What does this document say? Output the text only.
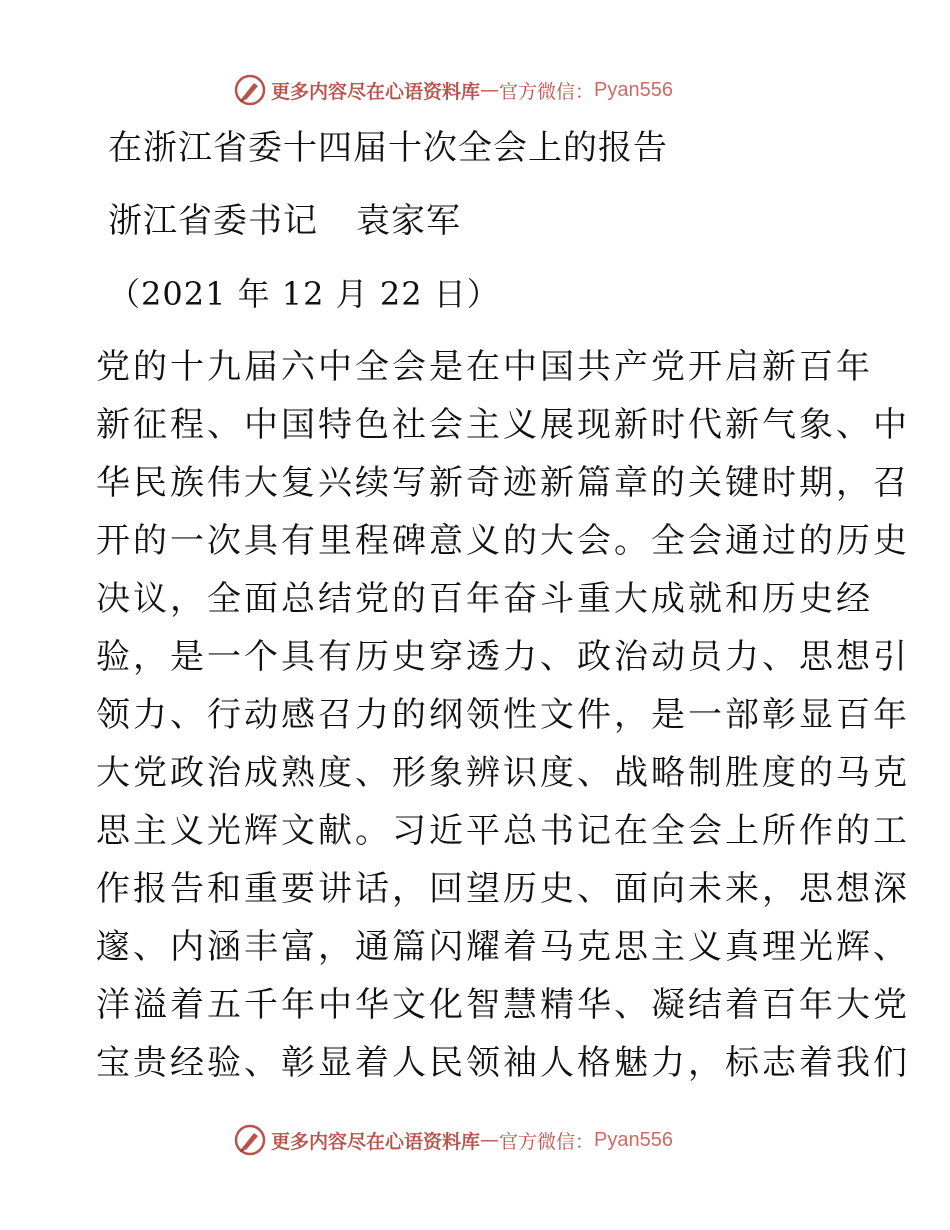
更多内容尽在心语资料库 — 官方微信： Pyan556
在浙江省委十四届十次全会上的报告
浙江省委书记 袁家军
（2021 年 12 月 22 日）
党的十九届六中全会是在中国共产党开启新百年
新征程、中国特色社会主义展现新时代新气象、中
华民族伟大复兴续写新奇迹新篇章的关键时期，召
开的一次具有里程碑意义的大会。全会通过的历史
决议，全面总结党的百年奋斗重大成就和历史经
验，是一个具有历史穿透力、政治动员力、思想引
领力、行动感召力的纲领性文件，是一部彰显百年
大党政治成熟度、形象辨识度、战略制胜度的马克
思主义光辉文献。习近平总书记在全会上所作的工
作报告和重要讲话，回望历史、面向未来，思想深
邃、内涵丰富，通篇闪耀着马克思主义真理光辉、
洋溢着五千年中华文化智慧精华、凝结着百年大党
宝贵经验、彰显着人民领袖人格魅力，标志着我们
更多内容尽在心语资料库 — 官方微信： Pyan556
